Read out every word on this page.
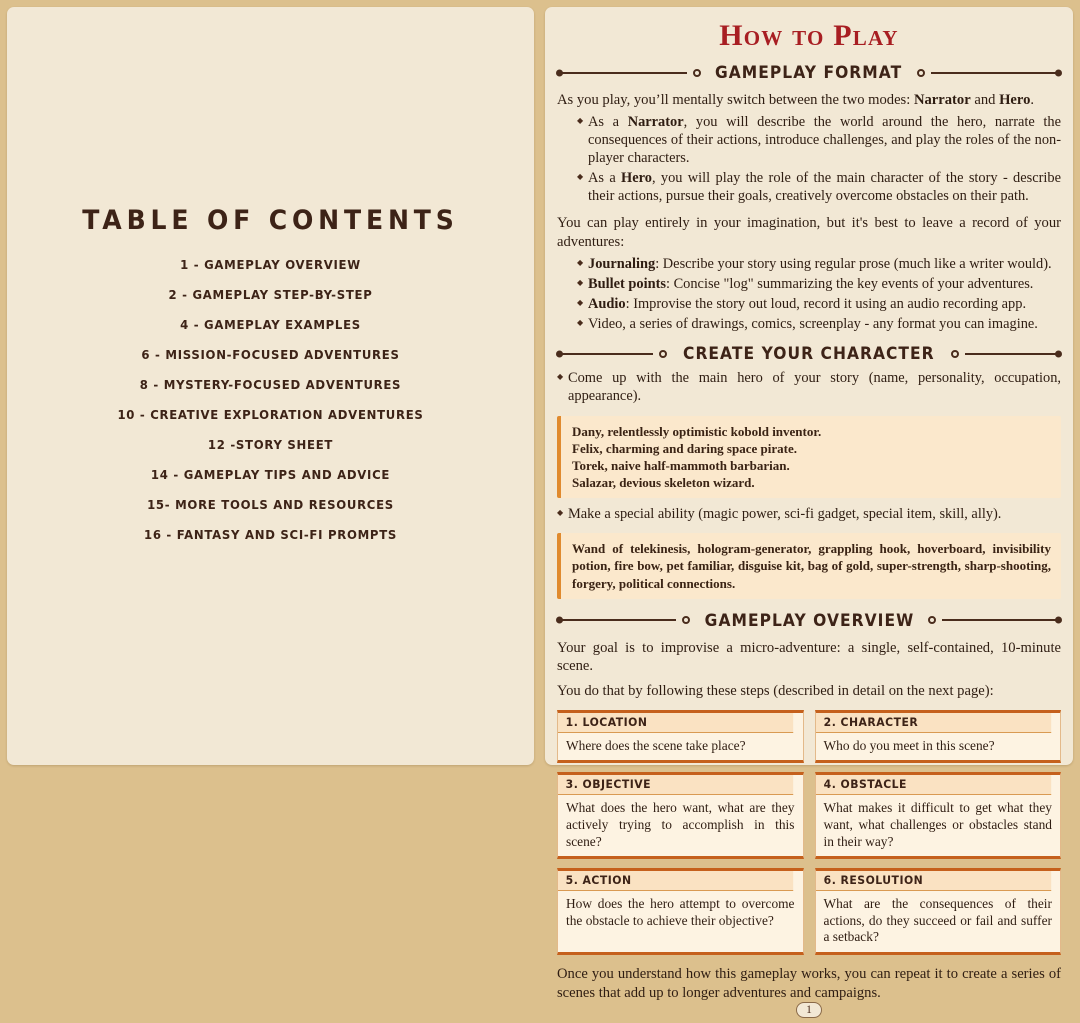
TABLE OF CONTENTS
1 - GAMEPLAY OVERVIEW
2 - GAMEPLAY STEP-BY-STEP
4 - GAMEPLAY EXAMPLES
6 - MISSION-FOCUSED ADVENTURES
8 - MYSTERY-FOCUSED ADVENTURES
10 - CREATIVE EXPLORATION ADVENTURES
12 -STORY SHEET
14 - GAMEPLAY TIPS AND ADVICE
15- MORE TOOLS AND RESOURCES
16 - FANTASY AND SCI-FI PROMPTS
How to Play
GAMEPLAY FORMAT

As you play, you’ll mentally switch between the two modes: Narrator and Hero.

◆ As a Narrator, you will describe the world around the hero, narrate the consequences of their actions, introduce challenges, and play the roles of the non-player characters.
◆ As a Hero, you will play the role of the main character of the story - describe their actions, pursue their goals, creatively overcome obstacles on their path.

You can play entirely in your imagination, but it's best to leave a record of your adventures:

◆ Journaling: Describe your story using regular prose (much like a writer would).
◆ Bullet points: Concise "log" summarizing the key events of your adventures.
◆ Audio: Improvise the story out loud, record it using an audio recording app.
◆ Video, a series of drawings, comics, screenplay - any format you can imagine.
CREATE YOUR CHARACTER
◆ Come up with the main hero of your story (name, personality, occupation, appearance).
Dany, relentlessly optimistic kobold inventor.
Felix, charming and daring space pirate.
Torek, naive half-mammoth barbarian.
Salazar, devious skeleton wizard.
◆ Make a special ability (magic power, sci-fi gadget, special item, skill, ally).
Wand of telekinesis, hologram-generator, grappling hook, hoverboard, invisibility potion, fire bow, pet familiar, disguise kit, bag of gold, super-strength, sharp-shooting, forgery, political connections.
GAMEPLAY OVERVIEW

Your goal is to improvise a micro-adventure: a single, self-contained, 10-minute scene.

You do that by following these steps (described in detail on the next page):

1. LOCATION
Where does the scene take place?
2. CHARACTER
Who do you meet in this scene?
3. OBJECTIVE
What does the hero want, what are they actively trying to accomplish in this scene?
4. OBSTACLE
What makes it difficult to get what they want, what challenges or obstacles stand in their way?
5. ACTION
How does the hero attempt to overcome the obstacle to achieve their objective?
6. RESOLUTION
What are the consequences of their actions, do they succeed or fail and suffer a setback?

Once you understand how this gameplay works, you can repeat it to create a series of scenes that add up to longer adventures and campaigns.

1
